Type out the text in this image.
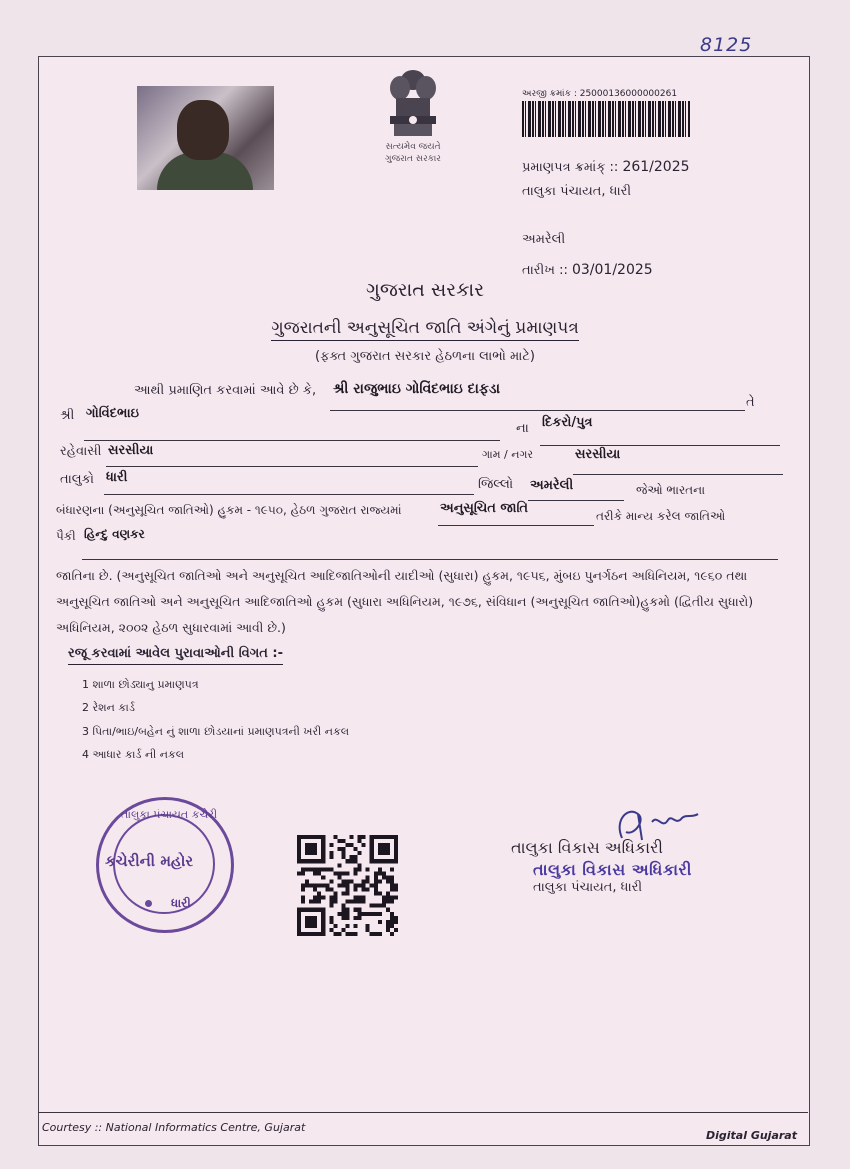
8125
સત્યમેવ જયતે
ગુજરાત સરકાર
અરજી ક્રમાંક : 25000136000000261
પ્રમાણપત્ર ક્રમાંક્ :: 261/2025
તાલુકા પંચાયત, ધારી
અમરેલી
તારીખ :: 03/01/2025
ગુજરાત સરકાર
ગુજરાતની અનુસૂચિત જાતિ અંગેનું પ્રમાણપત્ર
(ફક્ત ગુજરાત સરકાર હેઠળના લાભો માટે)
આથી પ્રમાણિત કરવામાં આવે છે કે, શ્રી રાજુભાઇ ગોવિંદભાઇ દાફડા
તે
શ્રી ગોવિંદભાઇ
ના દિકરો/પુત્ર
રહેવાસી સરસીયા	ગામ / નગર	સરસીયા
તાલુકો ધારી	જિલ્લો અમરેલી	જેઓ ભારતના
બંધારણના (અનુસૂચિત જાતિઓ) હુકમ - ૧૯૫૦, હેઠળ ગુજરાત રાજ્યમાં	અનુસૂચિત જાતિ	તરીકે માન્ય કરેલ જાતિઓ
પૈકી હિન્દુ વણકર
જાતિના છે. (અનુસૂચિત જાતિઓ અને અનુસૂચિત આદિજાતિઓની યાદીઓ (સુધારા) હુકમ, ૧૯૫૬, મુંબઇ પુનર્ગઠન અધિનિયમ, ૧૯૬૦ તથા
અનુસૂચિત જાતિઓ અને અનુસૂચિત આદિજાતિઓ હુકમ (સુધારા અધિનિયમ, ૧૯૭૬, સંવિધાન (અનુસૂચિત જાતિઓ)હુકમો (દ્વિતીય સુધારો)
અધિનિયમ, ૨૦૦૨ હેઠળ સુધારવામાં આવી છે.)
રજૂ કરવામાં આવેલ પુરાવાઓની વિગત :-
1 શાળા છોડ્યાનુ પ્રમાણપત્ર
2 રેશન કાર્ડ
3 પિતા/ભાઇ/બહેન નું શાળા છોડયાનાં પ્રમાણપત્રની ખરી નકલ
4 આધાર કાર્ડ ની નકલ
તાલુકા પંચાયત કચેરી
કચેરીની મહોર
ધારી
તાલુકા વિકાસ અધિકારી
તાલુકા વિકાસ અધિકારી
તાલુકા પંચાયત, ધારી
Courtesy :: National Informatics Centre, Gujarat
Digital Gujarat
